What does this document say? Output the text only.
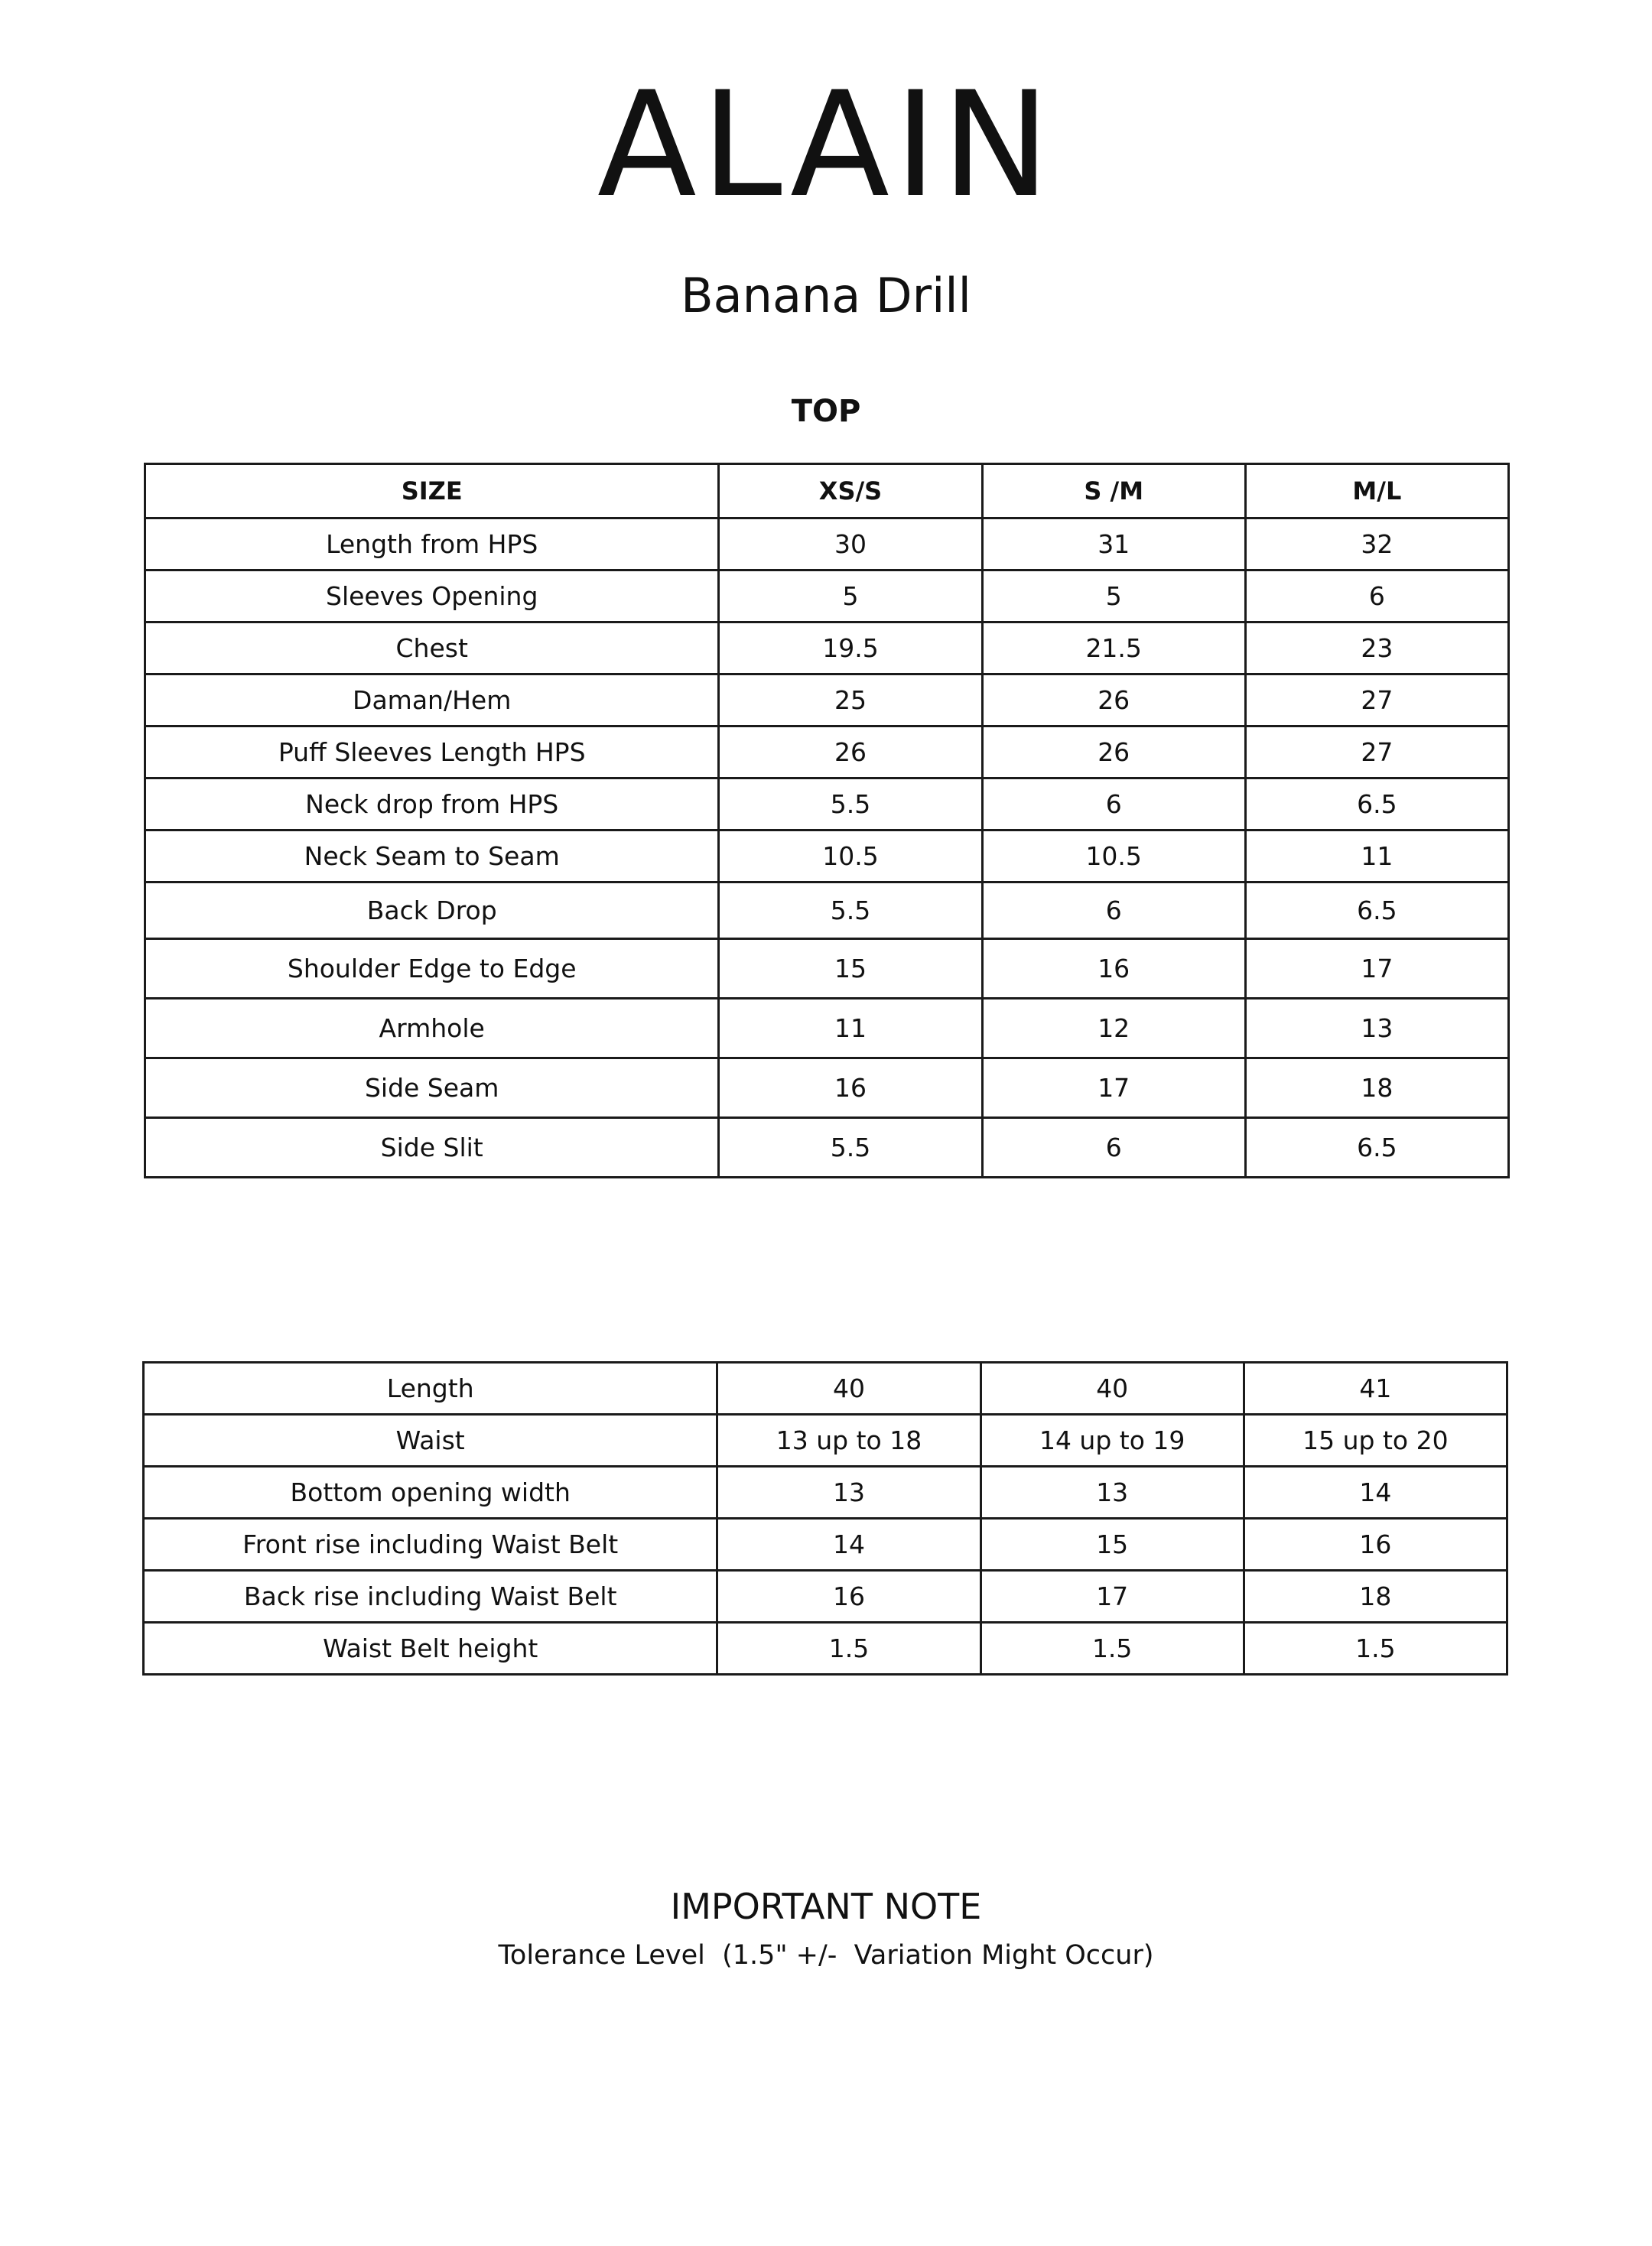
ALAIN
Banana Drill
TOP
SIZE	XS/S	S /M	M/L
Length from HPS	30	31	32
Sleeves Opening	5	5	6
Chest	19.5	21.5	23
Daman/Hem	25	26	27
Puff Sleeves Length HPS	26	26	27
Neck drop from HPS	5.5	6	6.5
Neck Seam to Seam	10.5	10.5	11
Back Drop	5.5	6	6.5
Shoulder Edge to Edge	15	16	17
Armhole	11	12	13
Side Seam	16	17	18
Side Slit	5.5	6	6.5
Length	40	40	41
Waist	13 up to 18	14 up to 19	15 up to 20
Bottom opening width	13	13	14
Front rise including Waist Belt	14	15	16
Back rise including Waist Belt	16	17	18
Waist Belt height	1.5	1.5	1.5
IMPORTANT NOTE
Tolerance Level  (1.5" +/-  Variation Might Occur)
